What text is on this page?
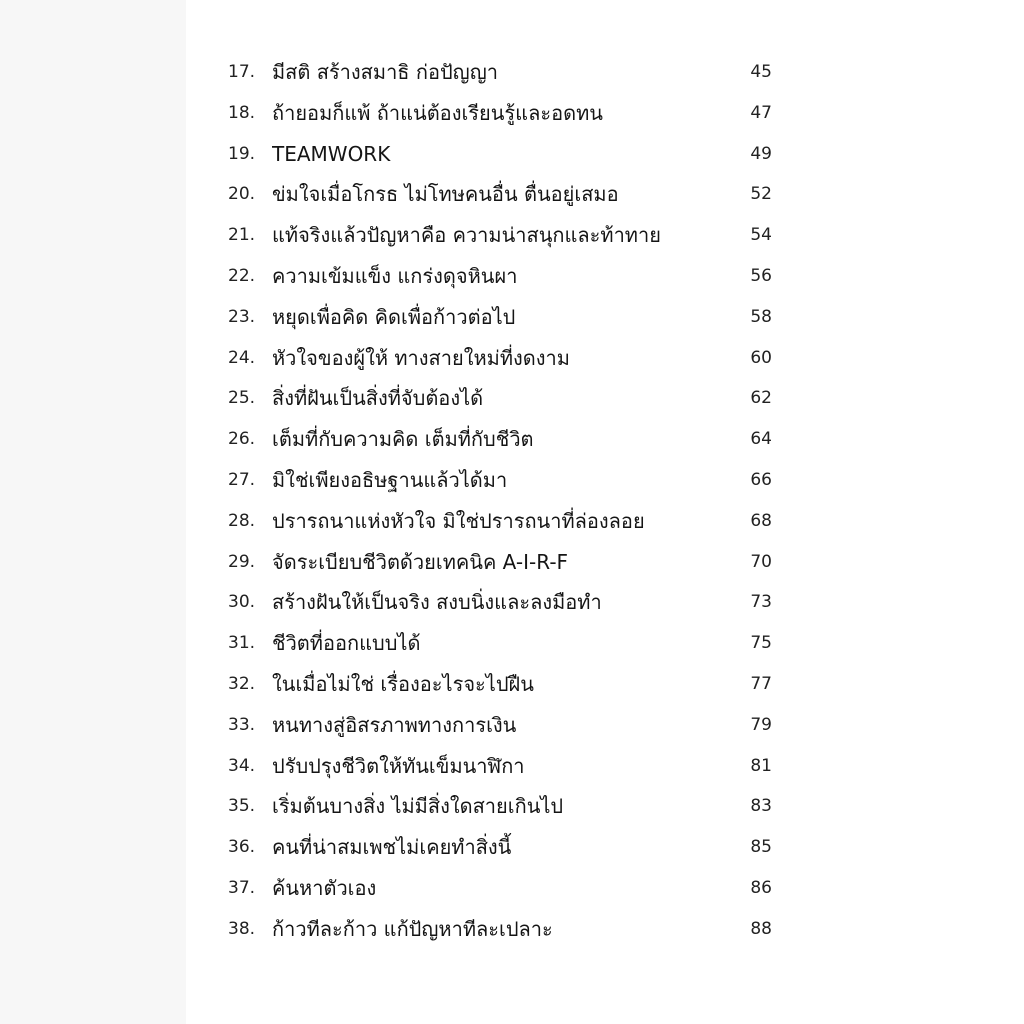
17. มีสติ สร้างสมาธิ ก่อปัญญา	45
18. ถ้ายอมก็แพ้ ถ้าแน่ต้องเรียนรู้และอดทน	47
19. TEAMWORK	49
20. ข่มใจเมื่อโกรธ ไม่โทษคนอื่น ตื่นอยู่เสมอ	52
21. แท้จริงแล้วปัญหาคือ ความน่าสนุกและท้าทาย	54
22. ความเข้มแข็ง แกร่งดุจหินผา	56
23. หยุดเพื่อคิด คิดเพื่อก้าวต่อไป	58
24. หัวใจของผู้ให้ ทางสายใหม่ที่งดงาม	60
25. สิ่งที่ฝันเป็นสิ่งที่จับต้องได้	62
26. เต็มที่กับความคิด เต็มที่กับชีวิต	64
27. มิใช่เพียงอธิษฐานแล้วได้มา	66
28. ปรารถนาแห่งหัวใจ มิใช่ปรารถนาที่ล่องลอย	68
29. จัดระเบียบชีวิตด้วยเทคนิค A-I-R-F	70
30. สร้างฝันให้เป็นจริง สงบนิ่งและลงมือทำ	73
31. ชีวิตที่ออกแบบได้	75
32. ในเมื่อไม่ใช่ เรื่องอะไรจะไปฝืน	77
33. หนทางสู่อิสรภาพทางการเงิน	79
34. ปรับปรุงชีวิตให้ทันเข็มนาฬิกา	81
35. เริ่มต้นบางสิ่ง ไม่มีสิ่งใดสายเกินไป	83
36. คนที่น่าสมเพชไม่เคยทำสิ่งนี้	85
37. ค้นหาตัวเอง	86
38. ก้าวทีละก้าว แก้ปัญหาทีละเปลาะ	88
